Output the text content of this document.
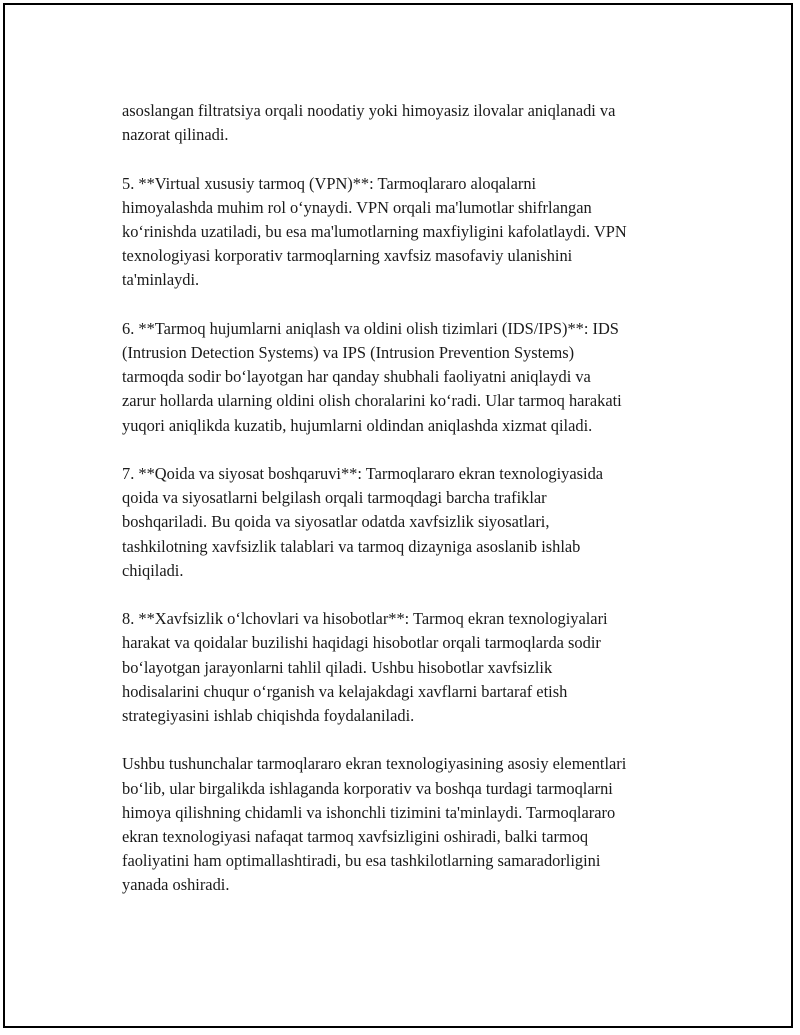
asoslangan filtratsiya orqali noodatiy yoki himoyasiz ilovalar aniqlanadi va
nazorat qilinadi.

5. **Virtual xususiy tarmoq (VPN)**: Tarmoqlararo aloqalarni
himoyalashda muhim rol oʻynaydi. VPN orqali ma'lumotlar shifrlangan
koʻrinishda uzatiladi, bu esa ma'lumotlarning maxfiyligini kafolatlaydi. VPN
texnologiyasi korporativ tarmoqlarning xavfsiz masofaviy ulanishini
ta'minlaydi.

6. **Tarmoq hujumlarni aniqlash va oldini olish tizimlari (IDS/IPS)**: IDS
(Intrusion Detection Systems) va IPS (Intrusion Prevention Systems)
tarmoqda sodir boʻlayotgan har qanday shubhali faoliyatni aniqlaydi va
zarur hollarda ularning oldini olish choralarini koʻradi. Ular tarmoq harakati
yuqori aniqlikda kuzatib, hujumlarni oldindan aniqlashda xizmat qiladi.

7. **Qoida va siyosat boshqaruvi**: Tarmoqlararo ekran texnologiyasida
qoida va siyosatlarni belgilash orqali tarmoqdagi barcha trafiklar
boshqariladi. Bu qoida va siyosatlar odatda xavfsizlik siyosatlari,
tashkilotning xavfsizlik talablari va tarmoq dizayniga asoslanib ishlab
chiqiladi.

8. **Xavfsizlik oʻlchovlari va hisobotlar**: Tarmoq ekran texnologiyalari
harakat va qoidalar buzilishi haqidagi hisobotlar orqali tarmoqlarda sodir
boʻlayotgan jarayonlarni tahlil qiladi. Ushbu hisobotlar xavfsizlik
hodisalarini chuqur oʻrganish va kelajakdagi xavflarni bartaraf etish
strategiyasini ishlab chiqishda foydalaniladi.

Ushbu tushunchalar tarmoqlararo ekran texnologiyasining asosiy elementlari
boʻlib, ular birgalikda ishlaganda korporativ va boshqa turdagi tarmoqlarni
himoya qilishning chidamli va ishonchli tizimini ta'minlaydi. Tarmoqlararo
ekran texnologiyasi nafaqat tarmoq xavfsizligini oshiradi, balki tarmoq
faoliyatini ham optimallashtiradi, bu esa tashkilotlarning samaradorligini
yanada oshiradi.
